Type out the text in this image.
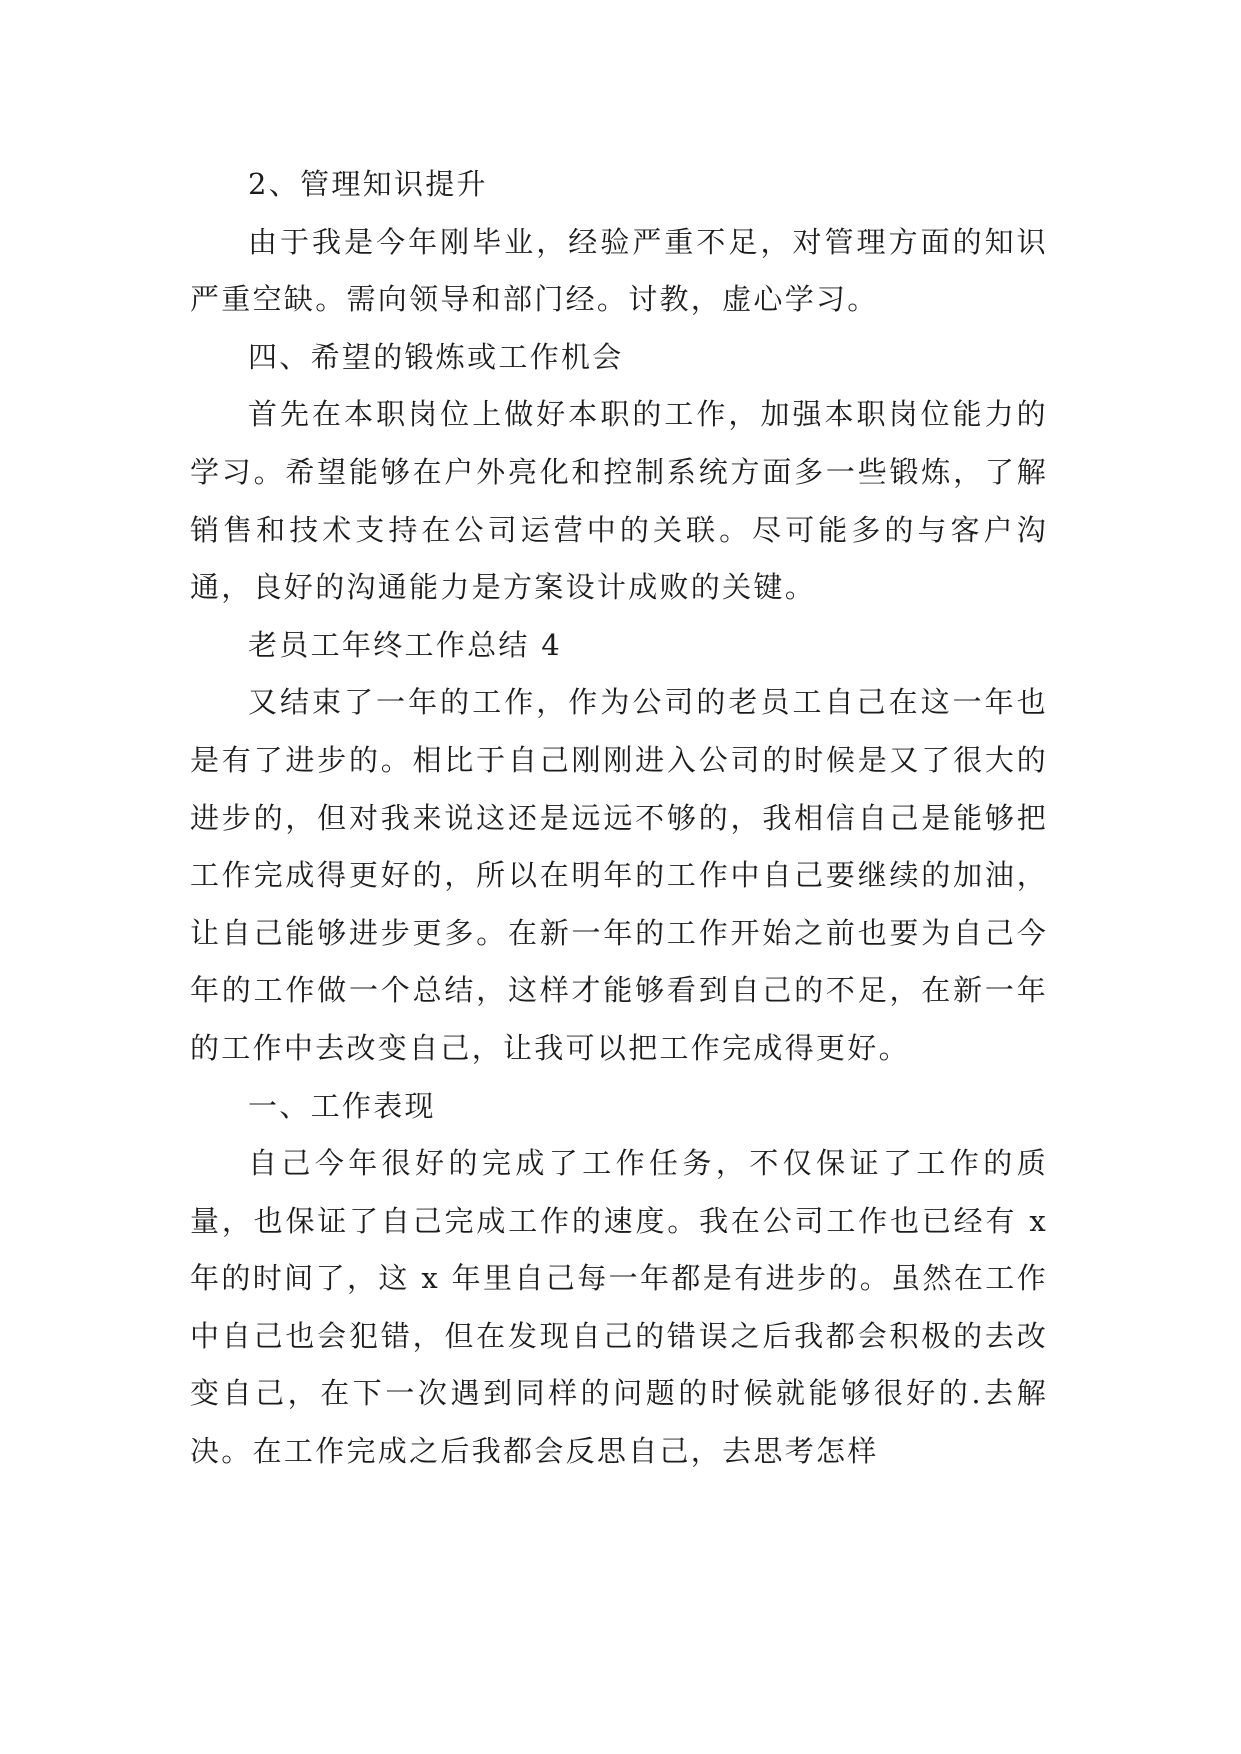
2、管理知识提升

由于我是今年刚毕业，经验严重不足，对管理方面的知识严重空缺。需向领导和部门经。讨教，虚心学习。

四、希望的锻炼或工作机会

首先在本职岗位上做好本职的工作，加强本职岗位能力的学习。希望能够在户外亮化和控制系统方面多一些锻炼，了解销售和技术支持在公司运营中的关联。尽可能多的与客户沟通，良好的沟通能力是方案设计成败的关键。

老员工年终工作总结 4

又结束了一年的工作，作为公司的老员工自己在这一年也是有了进步的。相比于自己刚刚进入公司的时候是又了很大的进步的，但对我来说这还是远远不够的，我相信自己是能够把工作完成得更好的，所以在明年的工作中自己要继续的加油，让自己能够进步更多。在新一年的工作开始之前也要为自己今年的工作做一个总结，这样才能够看到自己的不足，在新一年的工作中去改变自己，让我可以把工作完成得更好。

一、工作表现

自己今年很好的完成了工作任务，不仅保证了工作的质量，也保证了自己完成工作的速度。我在公司工作也已经有 x 年的时间了，这 x 年里自己每一年都是有进步的。虽然在工作中自己也会犯错，但在发现自己的错误之后我都会积极的去改变自己，在下一次遇到同样的问题的时候就能够很好的.去解决。在工作完成之后我都会反思自己，去思考怎样
